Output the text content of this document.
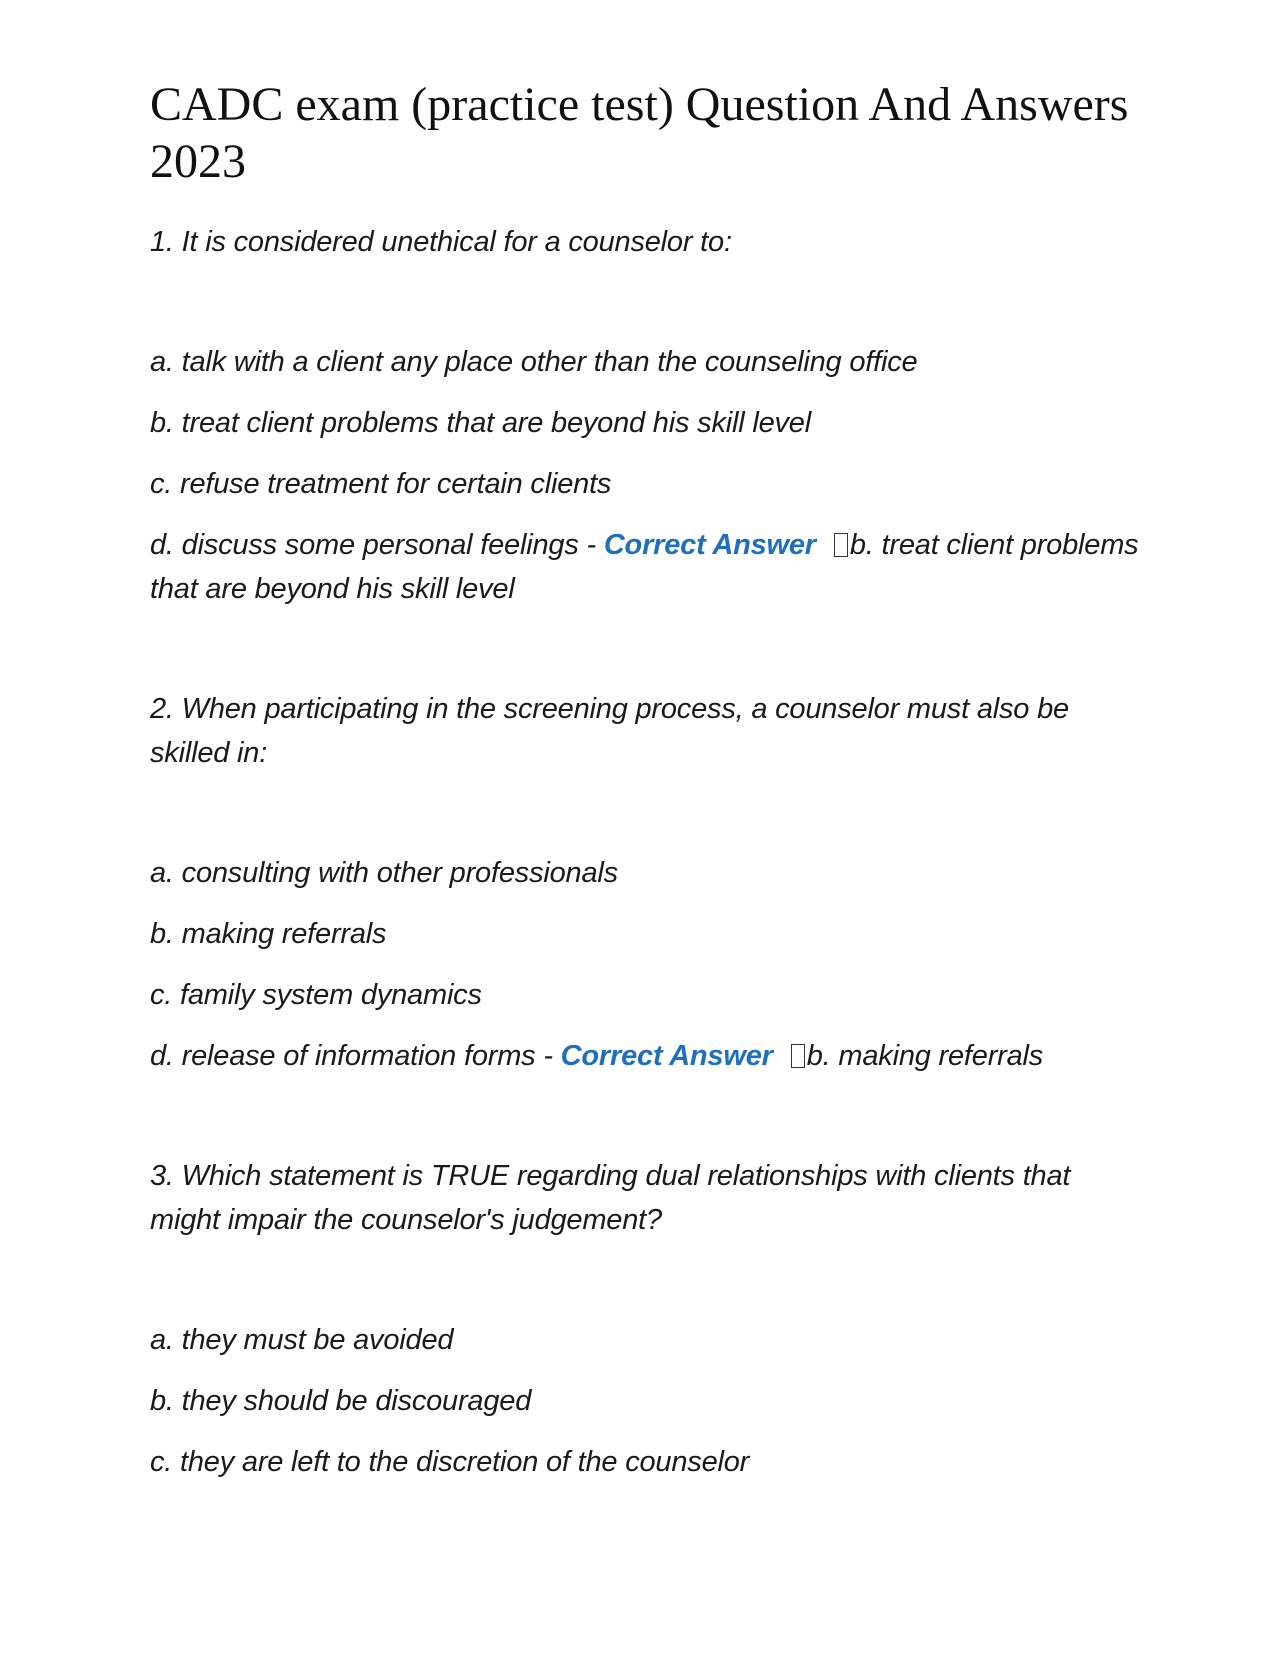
CADC exam (practice test) Question And Answers 2023

1. It is considered unethical for a counselor to:

a. talk with a client any place other than the counseling office

b. treat client problems that are beyond his skill level

c. refuse treatment for certain clients

d. discuss some personal feelings - Correct Answer b. treat client problems that are beyond his skill level

2. When participating in the screening process, a counselor must also be skilled in:

a. consulting with other professionals

b. making referrals

c. family system dynamics

d. release of information forms - Correct Answer b. making referrals

3. Which statement is TRUE regarding dual relationships with clients that might impair the counselor's judgement?

a. they must be avoided

b. they should be discouraged

c. they are left to the discretion of the counselor
